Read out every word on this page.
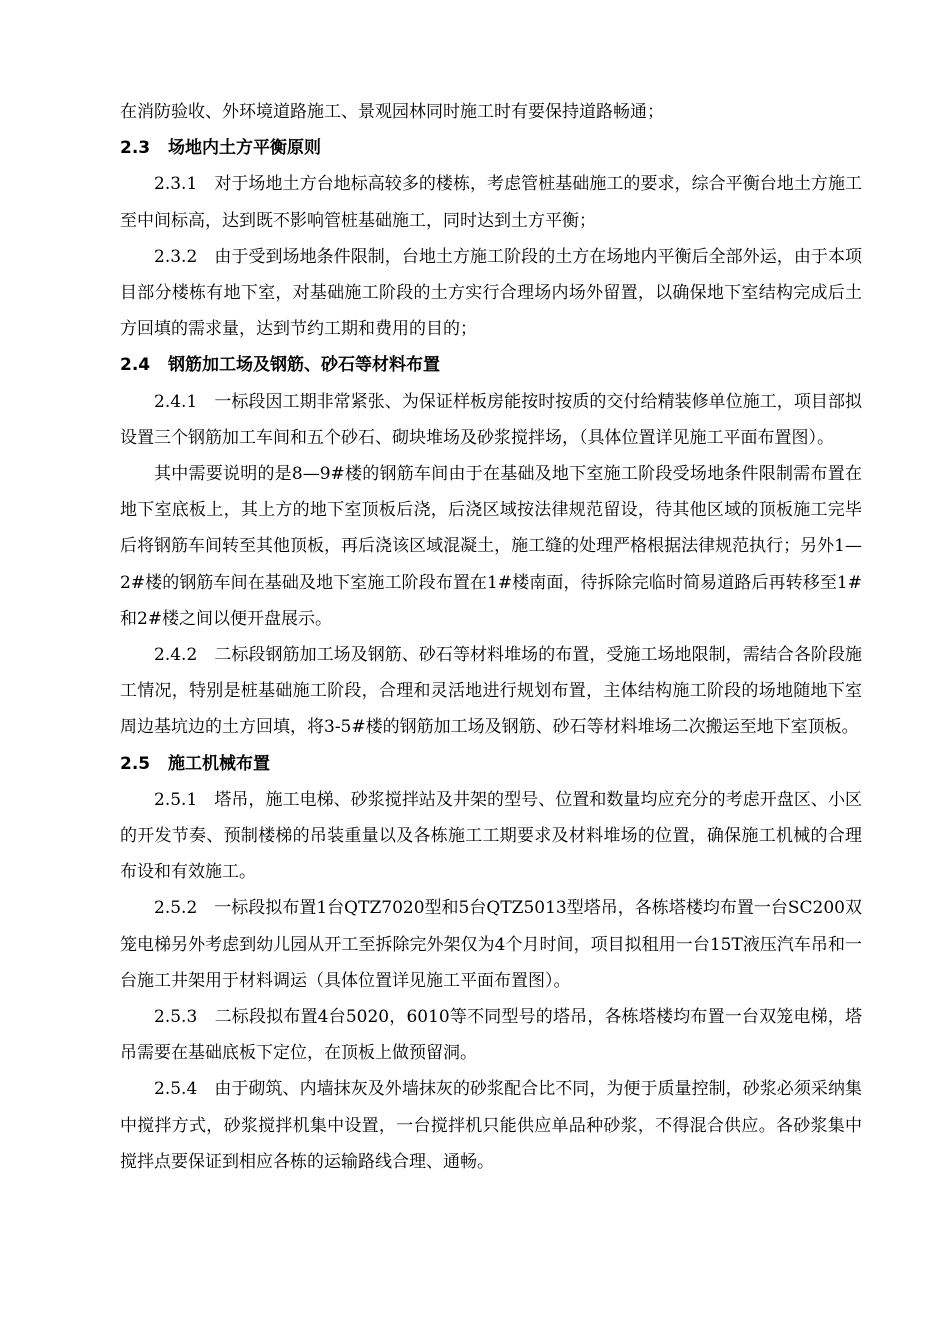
在消防验收、外环境道路施工、景观园林同时施工时有要保持道路畅通；

2.3 场地内土方平衡原则

2.3.1　对于场地土方台地标高较多的楼栋，考虑管桩基础施工的要求，综合平衡台地土方施工至中间标高，达到既不影响管桩基础施工，同时达到土方平衡；

2.3.2　由于受到场地条件限制，台地土方施工阶段的土方在场地内平衡后全部外运，由于本项目部分楼栋有地下室，对基础施工阶段的土方实行合理场内场外留置，以确保地下室结构完成后土方回填的需求量，达到节约工期和费用的目的；

2.4 钢筋加工场及钢筋、砂石等材料布置

2.4.1　一标段因工期非常紧张、为保证样板房能按时按质的交付给精装修单位施工，项目部拟设置三个钢筋加工车间和五个砂石、砌块堆场及砂浆搅拌场，（具体位置详见施工平面布置图）。

其中需要说明的是8—9#楼的钢筋车间由于在基础及地下室施工阶段受场地条件限制需布置在地下室底板上，其上方的地下室顶板后浇，后浇区域按法律规范留设，待其他区域的顶板施工完毕后将钢筋车间转至其他顶板，再后浇该区域混凝土，施工缝的处理严格根据法律规范执行；另外1—2#楼的钢筋车间在基础及地下室施工阶段布置在1#楼南面，待拆除完临时简易道路后再转移至1#和2#楼之间以便开盘展示。

2.4.2　二标段钢筋加工场及钢筋、砂石等材料堆场的布置，受施工场地限制，需结合各阶段施工情况，特别是桩基础施工阶段，合理和灵活地进行规划布置，主体结构施工阶段的场地随地下室周边基坑边的土方回填，将3-5#楼的钢筋加工场及钢筋、砂石等材料堆场二次搬运至地下室顶板。

2.5 施工机械布置

2.5.1　塔吊，施工电梯、砂浆搅拌站及井架的型号、位置和数量均应充分的考虑开盘区、小区的开发节奏、预制楼梯的吊装重量以及各栋施工工期要求及材料堆场的位置，确保施工机械的合理布设和有效施工。

2.5.2　一标段拟布置1台QTZ7020型和5台QTZ5013型塔吊，各栋塔楼均布置一台SC200双笼电梯另外考虑到幼儿园从开工至拆除完外架仅为4个月时间，项目拟租用一台15T液压汽车吊和一台施工井架用于材料调运（具体位置详见施工平面布置图）。

2.5.3　二标段拟布置4台5020，6010等不同型号的塔吊，各栋塔楼均布置一台双笼电梯，塔吊需要在基础底板下定位，在顶板上做预留洞。

2.5.4　由于砌筑、内墙抹灰及外墙抹灰的砂浆配合比不同，为便于质量控制，砂浆必须采纳集中搅拌方式，砂浆搅拌机集中设置，一台搅拌机只能供应单品种砂浆，不得混合供应。各砂浆集中搅拌点要保证到相应各栋的运输路线合理、通畅。
